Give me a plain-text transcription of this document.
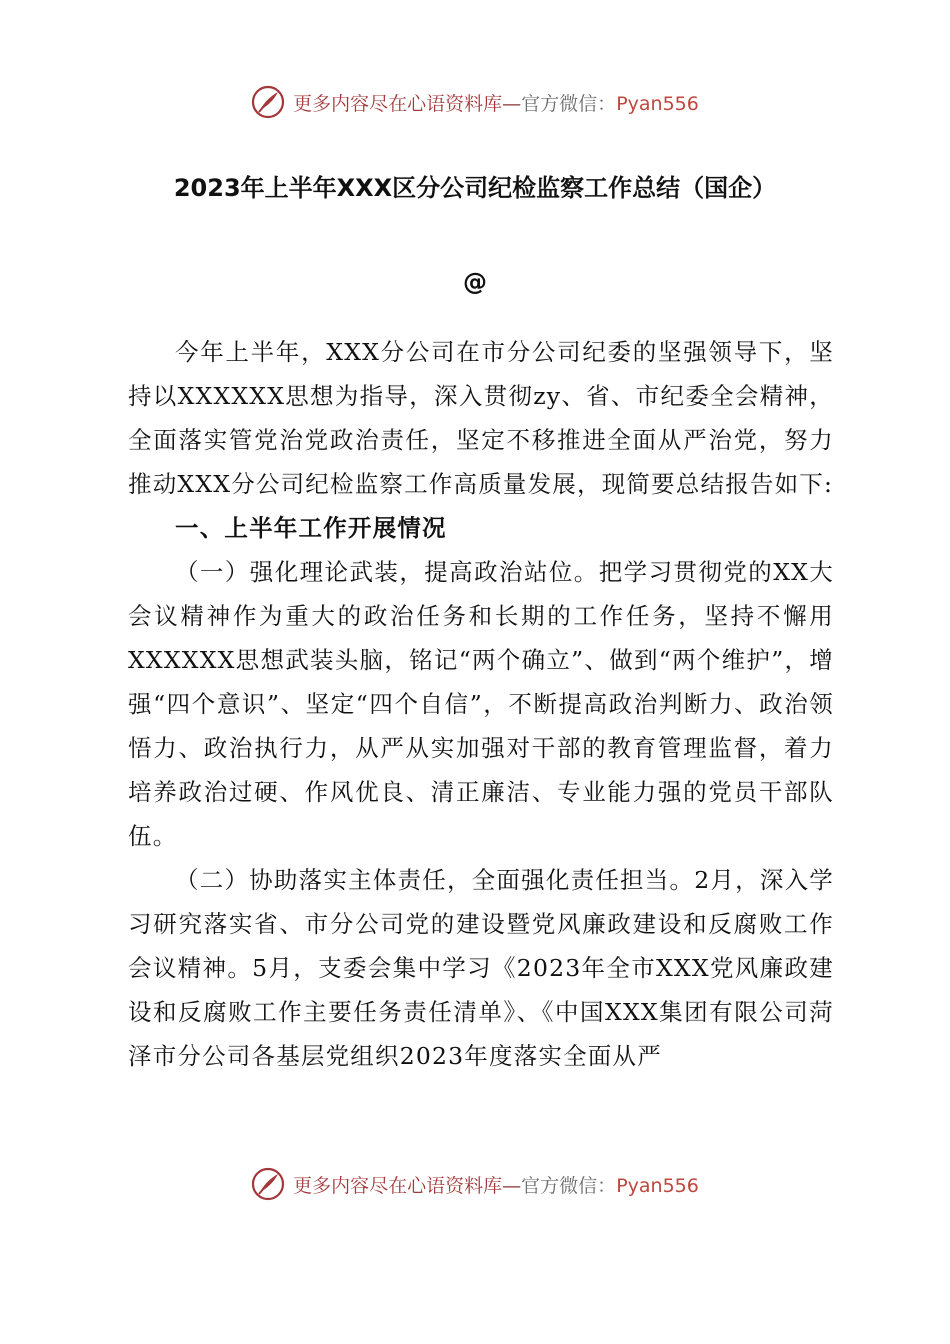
更多内容尽在心语资料库—官方微信：Pyan556
2023年上半年XXX区分公司纪检监察工作总结（国企）
@

今年上半年，XXX分公司在市分公司纪委的坚强领导下，坚持以XXXXXX思想为指导，深入贯彻zy、省、市纪委全会精神，全面落实管党治党政治责任，坚定不移推进全面从严治党，努力推动XXX分公司纪检监察工作高质量发展，现简要总结报告如下:

一、上半年工作开展情况

（一）强化理论武装，提高政治站位。把学习贯彻党的XX大会议精神作为重大的政治任务和长期的工作任务，坚持不懈用XXXXXX思想武装头脑，铭记“两个确立”、做到“两个维护”，增强“四个意识”、坚定“四个自信”，不断提高政治判断力、政治领悟力、政治执行力，从严从实加强对干部的教育管理监督，着力培养政治过硬、作风优良、清正廉洁、专业能力强的党员干部队伍。

（二）协助落实主体责任，全面强化责任担当。2月，深入学习研究落实省、市分公司党的建设暨党风廉政建设和反腐败工作会议精神。5月，支委会集中学习《2023年全市XXX党风廉政建设和反腐败工作主要任务责任清单》、《中国XXX集团有限公司菏泽市分公司各基层党组织2023年度落实全面从严

更多内容尽在心语资料库—官方微信：Pyan556
